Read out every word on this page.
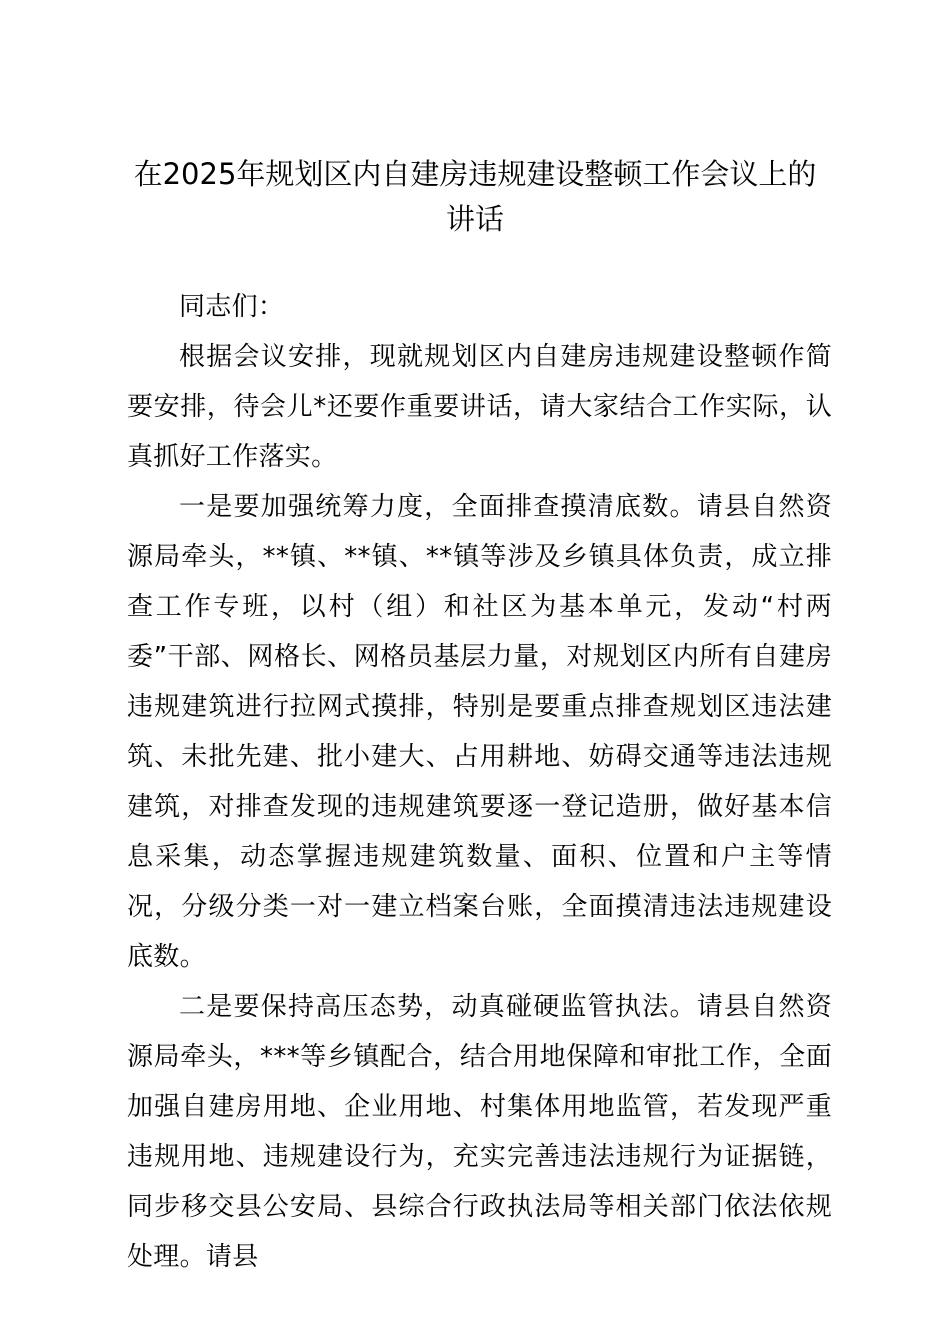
在2025年规划区内自建房违规建设整顿工作会议上的讲话

同志们：

根据会议安排，现就规划区内自建房违规建设整顿作简要安排，待会儿*还要作重要讲话，请大家结合工作实际，认真抓好工作落实。

一是要加强统筹力度，全面排查摸清底数。请县自然资源局牵头，**镇、**镇、**镇等涉及乡镇具体负责，成立排查工作专班，以村（组）和社区为基本单元，发动“村两委”干部、网格长、网格员基层力量，对规划区内所有自建房违规建筑进行拉网式摸排，特别是要重点排查规划区违法建筑、未批先建、批小建大、占用耕地、妨碍交通等违法违规建筑，对排查发现的违规建筑要逐一登记造册，做好基本信息采集，动态掌握违规建筑数量、面积、位置和户主等情况，分级分类一对一建立档案台账，全面摸清违法违规建设底数。

二是要保持高压态势，动真碰硬监管执法。请县自然资源局牵头，***等乡镇配合，结合用地保障和审批工作，全面加强自建房用地、企业用地、村集体用地监管，若发现严重违规用地、违规建设行为，充实完善违法违规行为证据链，同步移交县公安局、县综合行政执法局等相关部门依法依规处理。请县
